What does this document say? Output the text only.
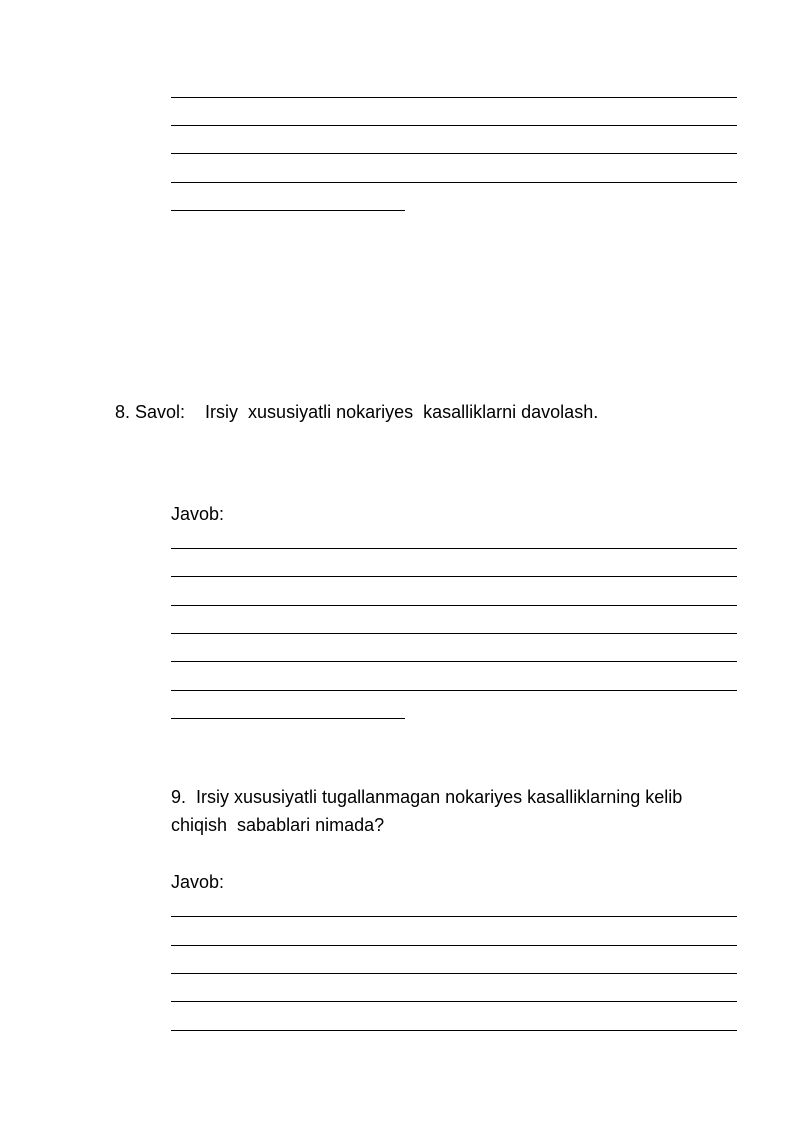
8. Savol: Irsiy  xususiyatli nokariyes  kasalliklarni davolash.
Javob:
9.  Irsiy xususiyatli tugallanmagan nokariyes kasalliklarning kelib
chiqish  sabablari nimada?
Javob:
